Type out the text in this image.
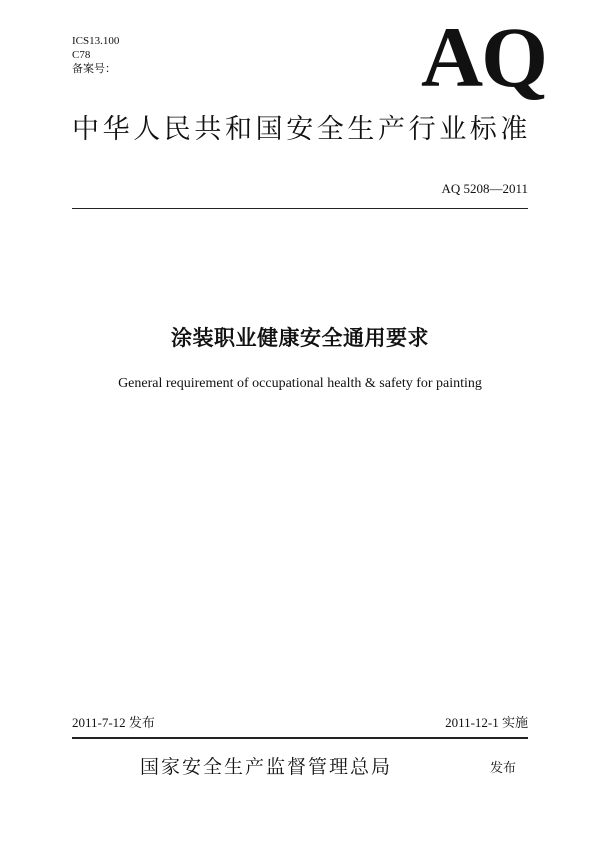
ICS13.100
C78
备案号：	AQ
中华人民共和国安全生产行业标准
AQ 5208—2011
涂装职业健康安全通用要求
General requirement of occupational health & safety for painting
2011-7-12 发布	2011-12-1 实施
国家安全生产监督管理总局	发布
